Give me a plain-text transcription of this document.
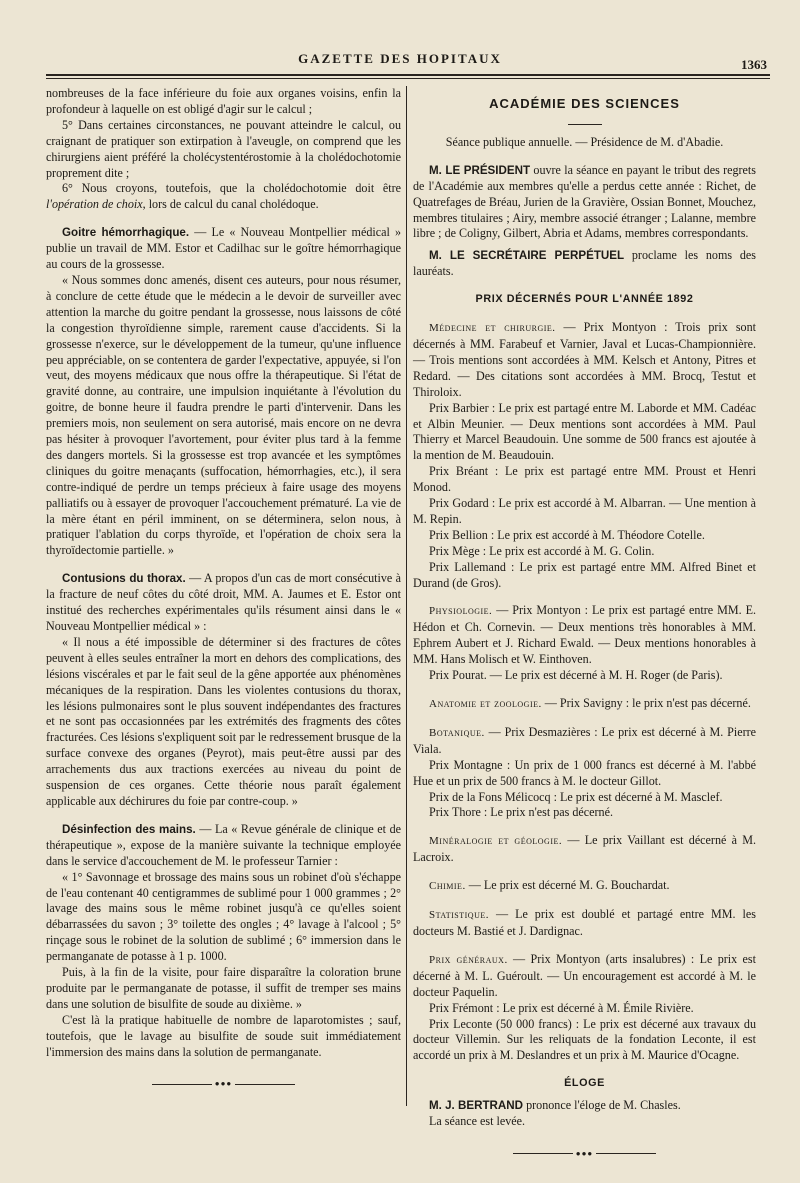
GAZETTE DES HOPITAUX	1363

nombreuses de la face inférieure du foie aux organes voisins, enfin la profondeur à laquelle on est obligé d'agir sur le calcul ;

5° Dans certaines circonstances, ne pouvant atteindre le calcul, ou craignant de pratiquer son extirpation à l'aveugle, on comprend que les chirurgiens aient préféré la cholécystentérostomie à la cholédochotomie proprement dite ;

6° Nous croyons, toutefois, que la cholédochotomie doit être l'opération de choix, lors de calcul du canal cholédoque.

Goitre hémorrhagique. — Le « Nouveau Montpellier médical » publie un travail de MM. Estor et Cadilhac sur le goître hémorrhagique au cours de la grossesse.

« Nous sommes donc amenés, disent ces auteurs, pour nous résumer, à conclure de cette étude que le médecin a le devoir de surveiller avec attention la marche du goitre pendant la grossesse, nous laissons de côté la congestion thyroïdienne simple, rarement cause d'accidents. Si la grossesse n'exerce, sur le développement de la tumeur, qu'une influence peu appréciable, on se contentera de garder l'expectative, appuyée, si l'on veut, des moyens médicaux que nous offre la thérapeutique. Si l'état de gravité donne, au contraire, une impulsion inquiétante à l'évolution du goitre, de bonne heure il faudra prendre le parti d'intervenir. Dans les premiers mois, non seulement on sera autorisé, mais encore on ne devra pas hésiter à provoquer l'avortement, pour éviter plus tard à la femme des dangers mortels. Si la grossesse est trop avancée et les symptômes cliniques du goitre menaçants (suffocation, hémorrhagies, etc.), il sera contre-indiqué de perdre un temps précieux à faire usage des moyens palliatifs ou à essayer de provoquer l'accouchement prématuré. La vie de la mère étant en péril imminent, on se déterminera, selon nous, à pratiquer l'ablation du corps thyroïde, et l'opération de choix sera la thyroïdectomie partielle. »

Contusions du thorax. — A propos d'un cas de mort consécutive à la fracture de neuf côtes du côté droit, MM. A. Jaumes et E. Estor ont institué des recherches expérimentales qu'ils résument ainsi dans le « Nouveau Montpellier médical » :

« Il nous a été impossible de déterminer si des fractures de côtes peuvent à elles seules entraîner la mort en dehors des complications, des lésions viscérales et par le fait seul de la gêne apportée aux phénomènes mécaniques de la respiration. Dans les violentes contusions du thorax, les lésions pulmonaires sont le plus souvent indépendantes des fractures et ne sont pas occasionnées par les extrémités des fragments des côtes fracturées. Ces lésions s'expliquent soit par le redressement brusque de la surface convexe des organes (Peyrot), mais peut-être aussi par des arrachements dus aux tractions exercées au niveau du point de suspension de ces organes. Cette théorie nous paraît également applicable aux déchirures du foie par contre-coup. »

Désinfection des mains. — La « Revue générale de clinique et de thérapeutique », expose de la manière suivante la technique employée dans le service d'accouchement de M. le professeur Tarnier :

« 1° Savonnage et brossage des mains sous un robinet d'où s'échappe de l'eau contenant 40 centigrammes de sublimé pour 1 000 grammes ; 2° lavage des mains sous le même robinet jusqu'à ce qu'elles soient débarrassées du savon ; 3° toilette des ongles ; 4° lavage à l'alcool ; 5° rinçage sous le robinet de la solution de sublimé ; 6° immersion dans le permanganate de potasse à 1 p. 1000.

Puis, à la fin de la visite, pour faire disparaître la coloration brune produite par le permanganate de potasse, il suffit de tremper ses mains dans une solution de bisulfite de soude au dixième. »

C'est là la pratique habituelle de nombre de laparotomistes ; sauf, toutefois, que le lavage au bisulfite de soude suit immédiatement l'immersion des mains dans la solution de permanganate.

●●●
ACADÉMIE DES SCIENCES

Séance publique annuelle. — Présidence de M. d'Abadie.

M. LE PRÉSIDENT ouvre la séance en payant le tribut des regrets de l'Académie aux membres qu'elle a perdus cette année : Richet, de Quatrefages de Bréau, Jurien de la Gravière, Ossian Bonnet, Mouchez, membres titulaires ; Airy, membre associé étranger ; Lalanne, membre libre ; de Coligny, Gilbert, Abria et Adams, membres correspondants.

M. LE SECRÉTAIRE PERPÉTUEL proclame les noms des lauréats.

PRIX DÉCERNÉS POUR L'ANNÉE 1892

Médecine et chirurgie. — Prix Montyon : Trois prix sont décernés à MM. Farabeuf et Varnier, Javal et Lucas-Championnière. — Trois mentions sont accordées à MM. Kelsch et Antony, Pitres et Redard. — Des citations sont accordées à MM. Brocq, Testut et Thiroloix.

Prix Barbier : Le prix est partagé entre M. Laborde et MM. Cadéac et Albin Meunier. — Deux mentions sont accordées à MM. Paul Thierry et Marcel Beaudouin. Une somme de 500 francs est ajoutée à la mention de M. Beaudouin.

Prix Bréant : Le prix est partagé entre MM. Proust et Henri Monod.

Prix Godard : Le prix est accordé à M. Albarran. — Une mention à M. Repin.

Prix Bellion : Le prix est accordé à M. Théodore Cotelle.

Prix Mège : Le prix est accordé à M. G. Colin.

Prix Lallemand : Le prix est partagé entre MM. Alfred Binet et Durand (de Gros).

Physiologie. — Prix Montyon : Le prix est partagé entre MM. E. Hédon et Ch. Cornevin. — Deux mentions très honorables à MM. Ephrem Aubert et J. Richard Ewald. — Deux mentions honorables à MM. Hans Molisch et W. Einthoven.

Prix Pourat. — Le prix est décerné à M. H. Roger (de Paris).

Anatomie et zoologie. — Prix Savigny : le prix n'est pas décerné.

Botanique. — Prix Desmazières : Le prix est décerné à M. Pierre Viala.

Prix Montagne : Un prix de 1 000 francs est décerné à M. l'abbé Hue et un prix de 500 francs à M. le docteur Gillot.

Prix de la Fons Mélicocq : Le prix est décerné à M. Masclef.

Prix Thore : Le prix n'est pas décerné.

Minéralogie et géologie. — Le prix Vaillant est décerné à M. Lacroix.

Chimie. — Le prix est décerné M. G. Bouchardat.

Statistique. — Le prix est doublé et partagé entre MM. les docteurs M. Bastié et J. Dardignac.

Prix généraux. — Prix Montyon (arts insalubres) : Le prix est décerné à M. L. Guéroult. — Un encouragement est accordé à M. le docteur Paquelin.

Prix Frémont : Le prix est décerné à M. Émile Rivière.

Prix Leconte (50 000 francs) : Le prix est décerné aux travaux du docteur Villemin. Sur les reliquats de la fondation Leconte, il est accordé un prix à M. Deslandres et un prix à M. Maurice d'Ocagne.

ÉLOGE

M. J. BERTRAND prononce l'éloge de M. Chasles.

La séance est levée.

●●●
